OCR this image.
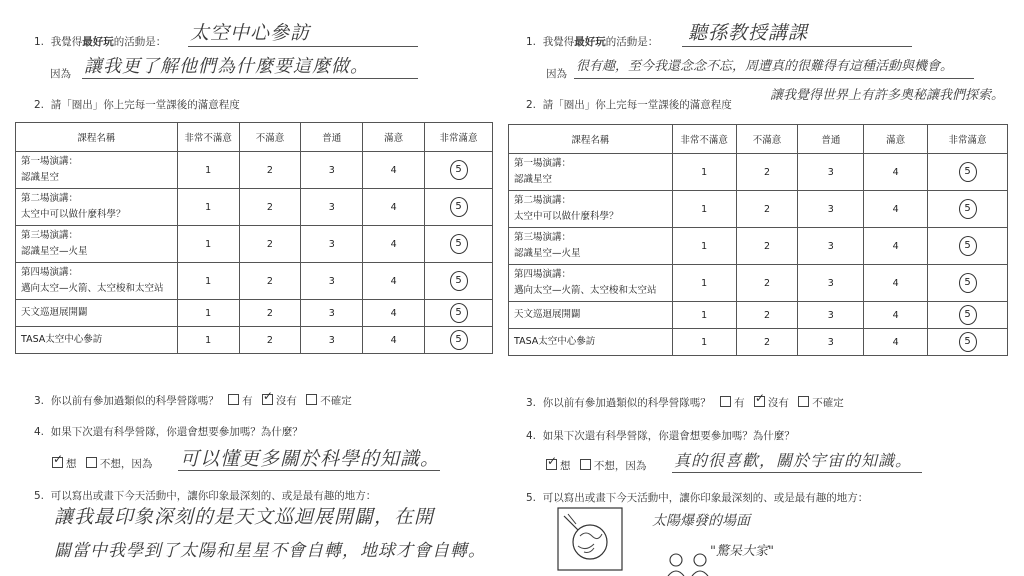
1. 我覺得最好玩的活動是： 太空中心參訪
因為 讓我更了解他們為什麼要這麼做。
2. 請「圈出」你上完每一堂課後的滿意程度
課程名稱	非常不滿意	不滿意	普通	滿意	非常滿意

第一場演講：
認識星空	1	2	3	4	5

第二場演講：
太空中可以做什麼科學？	1	2	3	4	5

第三場演講：
認識星空—火星	1	2	3	4	5

第四場演講：
邁向太空—火箭、太空梭和太空站	1	2	3	4	5
天文巡迴展開闢	1	2	3	4	5
TASA太空中心參訪	1	2	3	4	5
3. 你以前有參加過類似的科學營隊嗎？ 有 ✓ 沒有 不確定
4. 如果下次還有科學營隊，你還會想要參加嗎？為什麼？
✓想 不想，因為 可以懂更多關於科學的知識。
5. 可以寫出或畫下今天活動中，讓你印象最深刻的、或是最有趣的地方：
讓我最印象深刻的是天文巡迴展開闢，在開
闢當中我學到了太陽和星星不會自轉，地球才會自轉。
1. 我覺得最好玩的活動是： 聽孫教授講課
因為 很有趣，至今我還念念不忘，周遭真的很難得有這種活動與機會。
2. 請「圈出」你上完每一堂課後的滿意程度
讓我覺得世界上有許多奧秘讓我們探索。
課程名稱	非常不滿意	不滿意	普通	滿意	非常滿意

第一場演講：
認識星空	1	2	3	4	5

第二場演講：
太空中可以做什麼科學？	1	2	3	4	5

第三場演講：
認識星空—火星	1	2	3	4	5

第四場演講：
邁向太空—火箭、太空梭和太空站	1	2	3	4	5
天文巡迴展開闢	1	2	3	4	5
TASA太空中心參訪	1	2	3	4	5
3. 你以前有參加過類似的科學營隊嗎？ 有 ✓ 沒有 不確定
4. 如果下次還有科學營隊，你還會想要參加嗎？為什麼？
✓想 不想，因為 真的很喜歡，關於宇宙的知識。
5. 可以寫出或畫下今天活動中，讓你印象最深刻的、或是最有趣的地方：
太陽爆發的場面
"驚呆大家"
